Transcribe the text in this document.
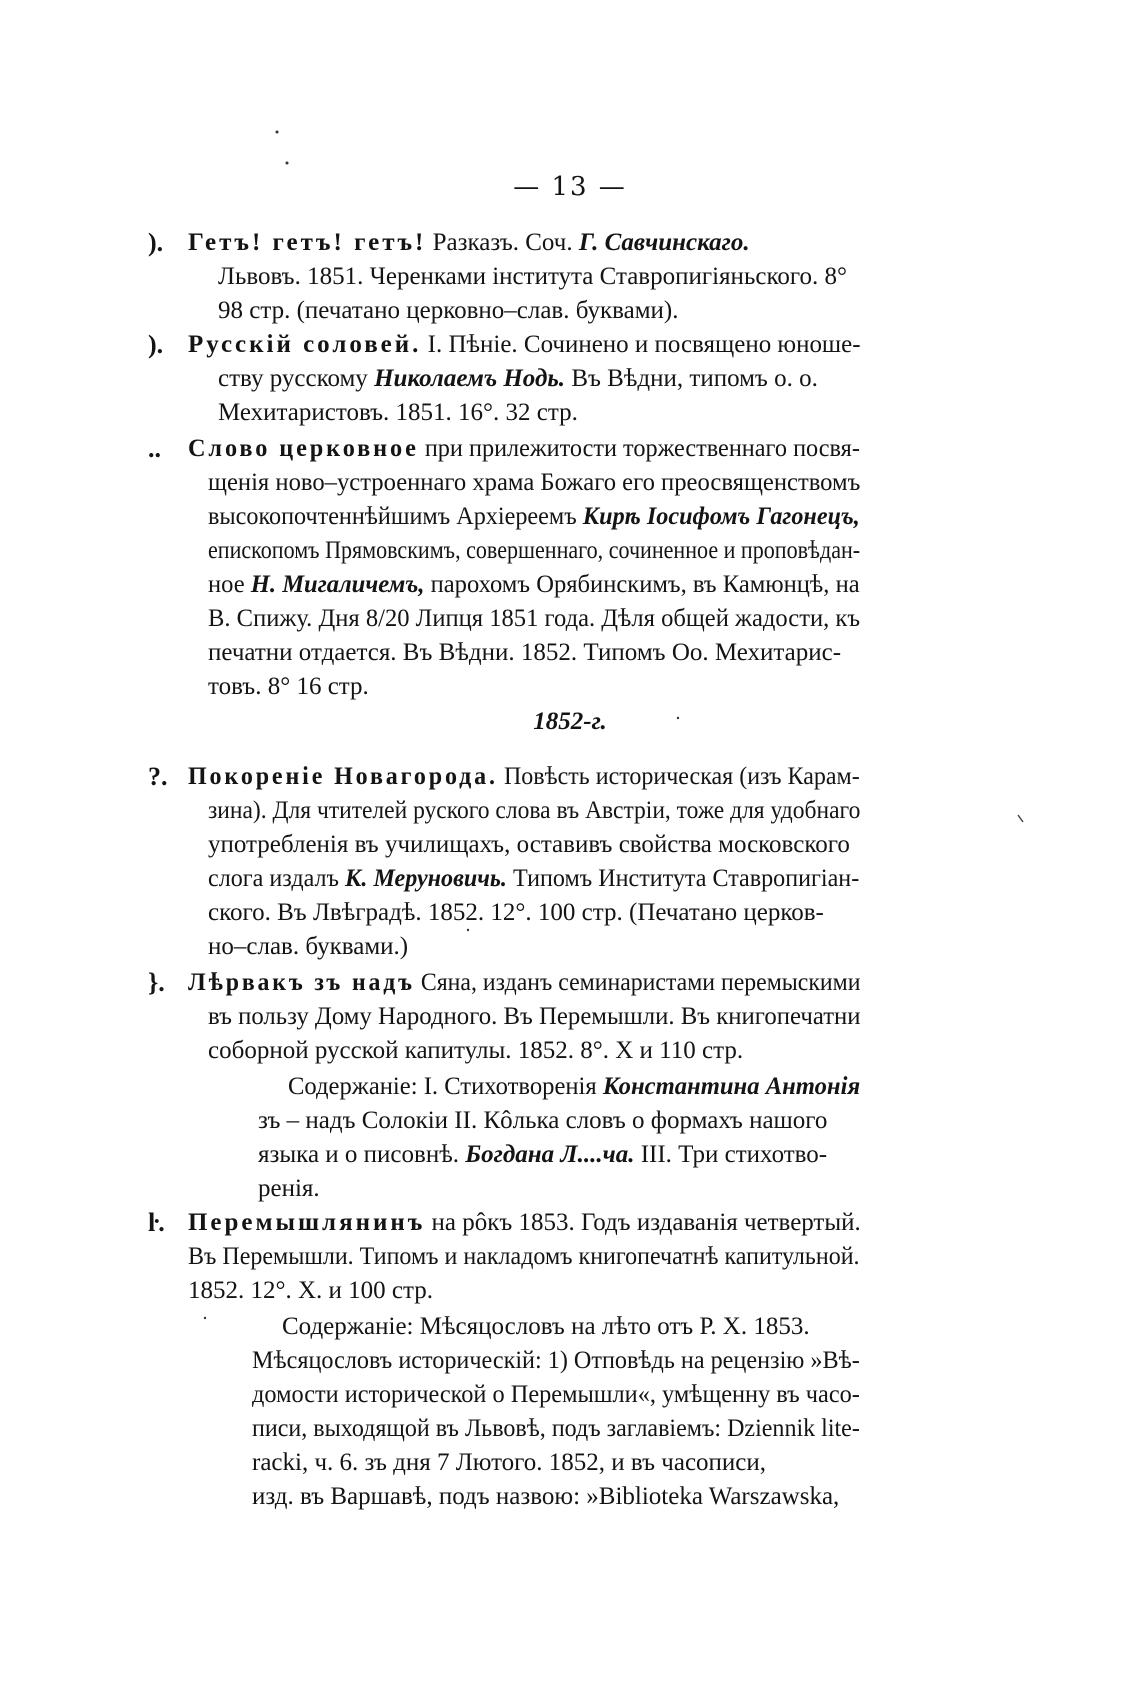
— 13 —
). Гетъ! гетъ! гетъ! Разказъ. Соч. Г. Савчинскаго.
Львовъ. 1851. Черенками інститута Ставропигіяньского. 8°
98 стр. (печатано церковно–слав. буквами).
). Русскій соловей. І. Пѣніе. Сочинено и посвящено юноше-
ству русскому Николаемъ Нодь. Въ Вѣдни, типомъ о. о.
Мехитаристовъ. 1851. 16°. 32 стр.
..	Слово церковное при прилежитости торжественнаго посвя-
щенія ново–устроеннаго храма Божаго его преосвященствомъ
высокопочтеннѣйшимъ Архіереемъ Кирѣ Іосифомъ Гагонецъ,
епископомъ Прямовскимъ, совершеннаго, сочиненное и проповѣдан-
ное Н. Мигаличемъ, парохомъ Орябинскимъ, въ Камюнцѣ, на
В. Спижу. Дня 8/20 Липця 1851 года. Дѣля общей жадости, къ
печатни отдается. Въ Вѣдни. 1852. Типомъ Оо. Мехитарис-
товъ. 8° 16 стр.
1852-г.
?. Покореніе Новагорода. Повѣсть историческая (изъ Карам-
зина). Для чтителей руского слова въ Австріи, тоже для удобнаго
употребленія въ училищахъ, оставивъ свойства московского
слога издалъ К. Меруновичь. Типомъ Института Ставропигіан-
ского. Въ Лвѣградѣ. 1852. 12°. 100 стр. (Печатано церков-
но–слав. буквами.)
}. Лѣрвакъ зъ надъ Сяна, изданъ семинаристами перемыскими
въ пользу Дому Народного. Въ Перемышли. Въ книгопечатни
соборной русской капитулы. 1852. 8°. X и 110 стр.
Содержаніе: І. Стихотворенія Константина Антонія
зъ – надъ Солокіи ІІ. Кôлька словъ о формахъ нашого
языка и о писовнѣ. Богдана Л....ча. ІІІ. Три стихотво-
ренія.
ŀ. Перемышлянинъ на рôкъ 1853. Годъ издаванія четвертый.
Въ Перемышли. Типомъ и накладомъ книгопечатнѣ капитульной.
1852. 12°. X. и 100 стр.
Содержаніе: Мѣсяцословъ на лѣто отъ Р. Х. 1853.
Мѣсяцословъ историческій: 1) Отповѣдь на рецензію »Вѣ-
домости исторической о Перемышли«, умѣщенну въ часо-
писи, выходящой въ Львовѣ, подъ заглавіемъ: Dziennik lite-
racki, ч. 6. зъ дня 7 Лютого. 1852, и въ часописи,
изд. въ Варшавѣ, подъ назвою: »Biblioteka Warszawska,
